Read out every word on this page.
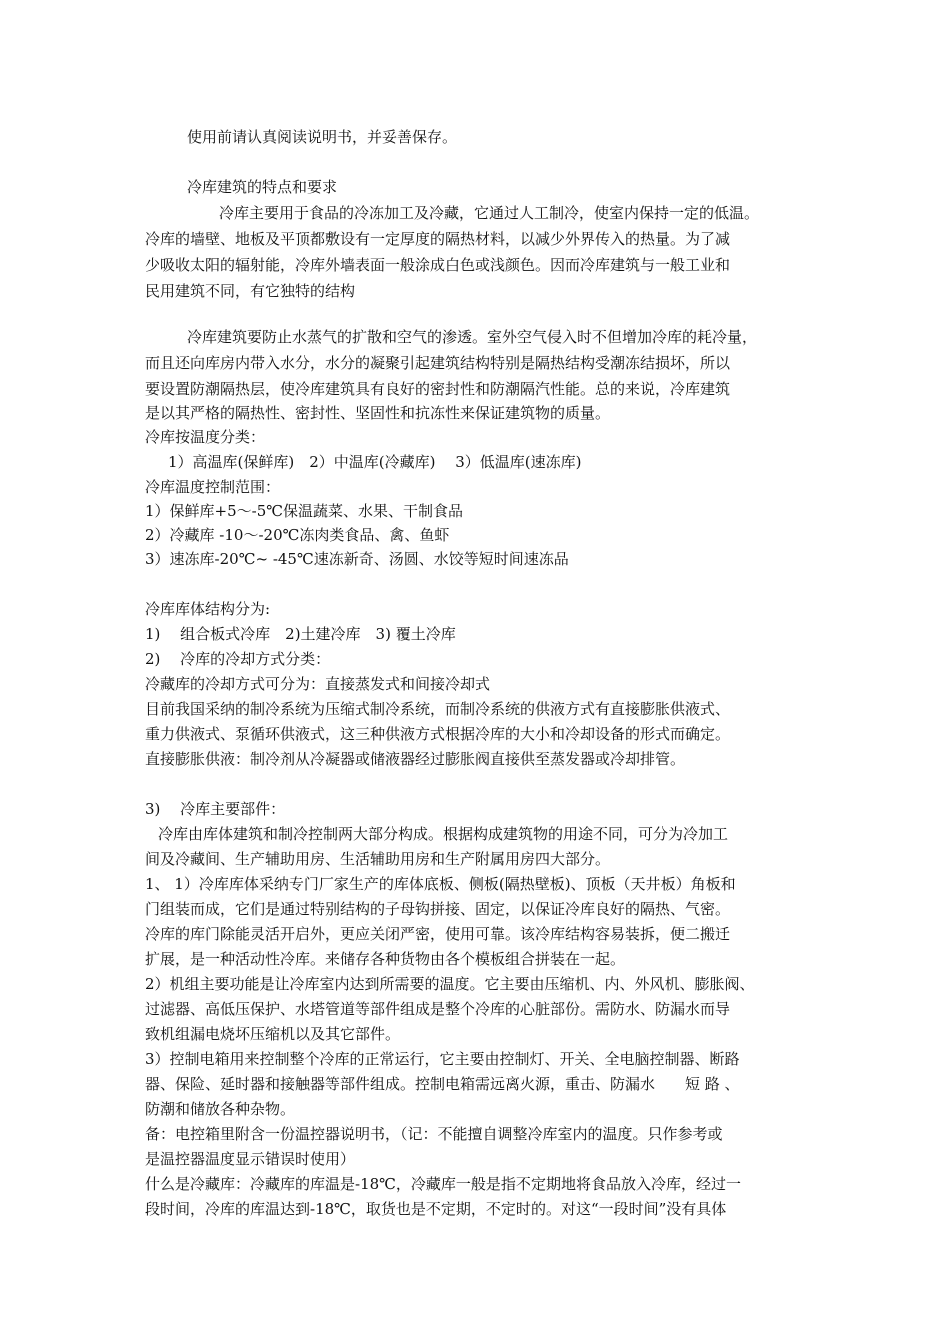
使用前请认真阅读说明书，并妥善保存。
冷库建筑的特点和要求
冷库主要用于食品的冷冻加工及冷藏，它通过人工制冷，使室内保持一定的低温。
冷库的墙壁、地板及平顶都敷设有一定厚度的隔热材料，以减少外界传入的热量。为了减
少吸收太阳的辐射能，冷库外墙表面一般涂成白色或浅颜色。因而冷库建筑与一般工业和
民用建筑不同，有它独特的结构
冷库建筑要防止水蒸气的扩散和空气的渗透。室外空气侵入时不但增加冷库的耗冷量，
而且还向库房内带入水分，水分的凝聚引起建筑结构特别是隔热结构受潮冻结损坏，所以
要设置防潮隔热层，使冷库建筑具有良好的密封性和防潮隔汽性能。总的来说，冷库建筑
是以其严格的隔热性、密封性、坚固性和抗冻性来保证建筑物的质量。
冷库按温度分类：
1）高温库(保鲜库)　2）中温库(冷藏库)　 3）低温库(速冻库)
冷库温度控制范围：
1）保鲜库+5～-5℃保温蔬菜、水果、干制食品
2）冷藏库 -10～-20℃冻肉类食品、禽、鱼虾
3）速冻库-20℃~ -45℃速冻新奇、汤圆、水饺等短时间速冻品
冷库库体结构分为:
1)　 组合板式冷库　2)土建冷库　3) 覆土冷库
2)　 冷库的冷却方式分类：
冷藏库的冷却方式可分为：直接蒸发式和间接冷却式
目前我国采纳的制冷系统为压缩式制冷系统，而制冷系统的供液方式有直接膨胀供液式、
重力供液式、泵循环供液式，这三种供液方式根据冷库的大小和冷却设备的形式而确定。
直接膨胀供液：制冷剂从冷凝器或储液器经过膨胀阀直接供至蒸发器或冷却排管。
3)　 冷库主要部件：
冷库由库体建筑和制冷控制两大部分构成。根据构成建筑物的用途不同，可分为冷加工
间及冷藏间、生产辅助用房、生活辅助用房和生产附属用房四大部分。
1、 1）冷库库体采纳专门厂家生产的库体底板、侧板(隔热壁板)、顶板（天井板）角板和
门组装而成，它们是通过特别结构的子母钩拼接、固定，以保证冷库良好的隔热、气密。
冷库的库门除能灵活开启外，更应关闭严密，使用可靠。该冷库结构容易装拆，便二搬迁
扩展，是一种活动性冷库。来储存各种货物由各个模板组合拼装在一起。
2）机组主要功能是让冷库室内达到所需要的温度。它主要由压缩机、内、外风机、膨胀阀、
过滤器、高低压保护、水塔管道等部件组成是整个冷库的心脏部份。需防水、防漏水而导
致机组漏电烧坏压缩机以及其它部件。
3）控制电箱用来控制整个冷库的正常运行，它主要由控制灯、开关、全电脑控制器、断路
器、保险、延时器和接触器等部件组成。控制电箱需远离火源，重击、防漏水　　短 路 、
防潮和储放各种杂物。
备：电控箱里附含一份温控器说明书，（记：不能擅自调整冷库室内的温度。只作参考或
是温控器温度显示错误时使用）
什么是冷藏库：冷藏库的库温是-18℃，冷藏库一般是指不定期地将食品放入冷库，经过一
段时间，冷库的库温达到-18℃，取货也是不定期，不定时的。对这“一段时间”没有具体
